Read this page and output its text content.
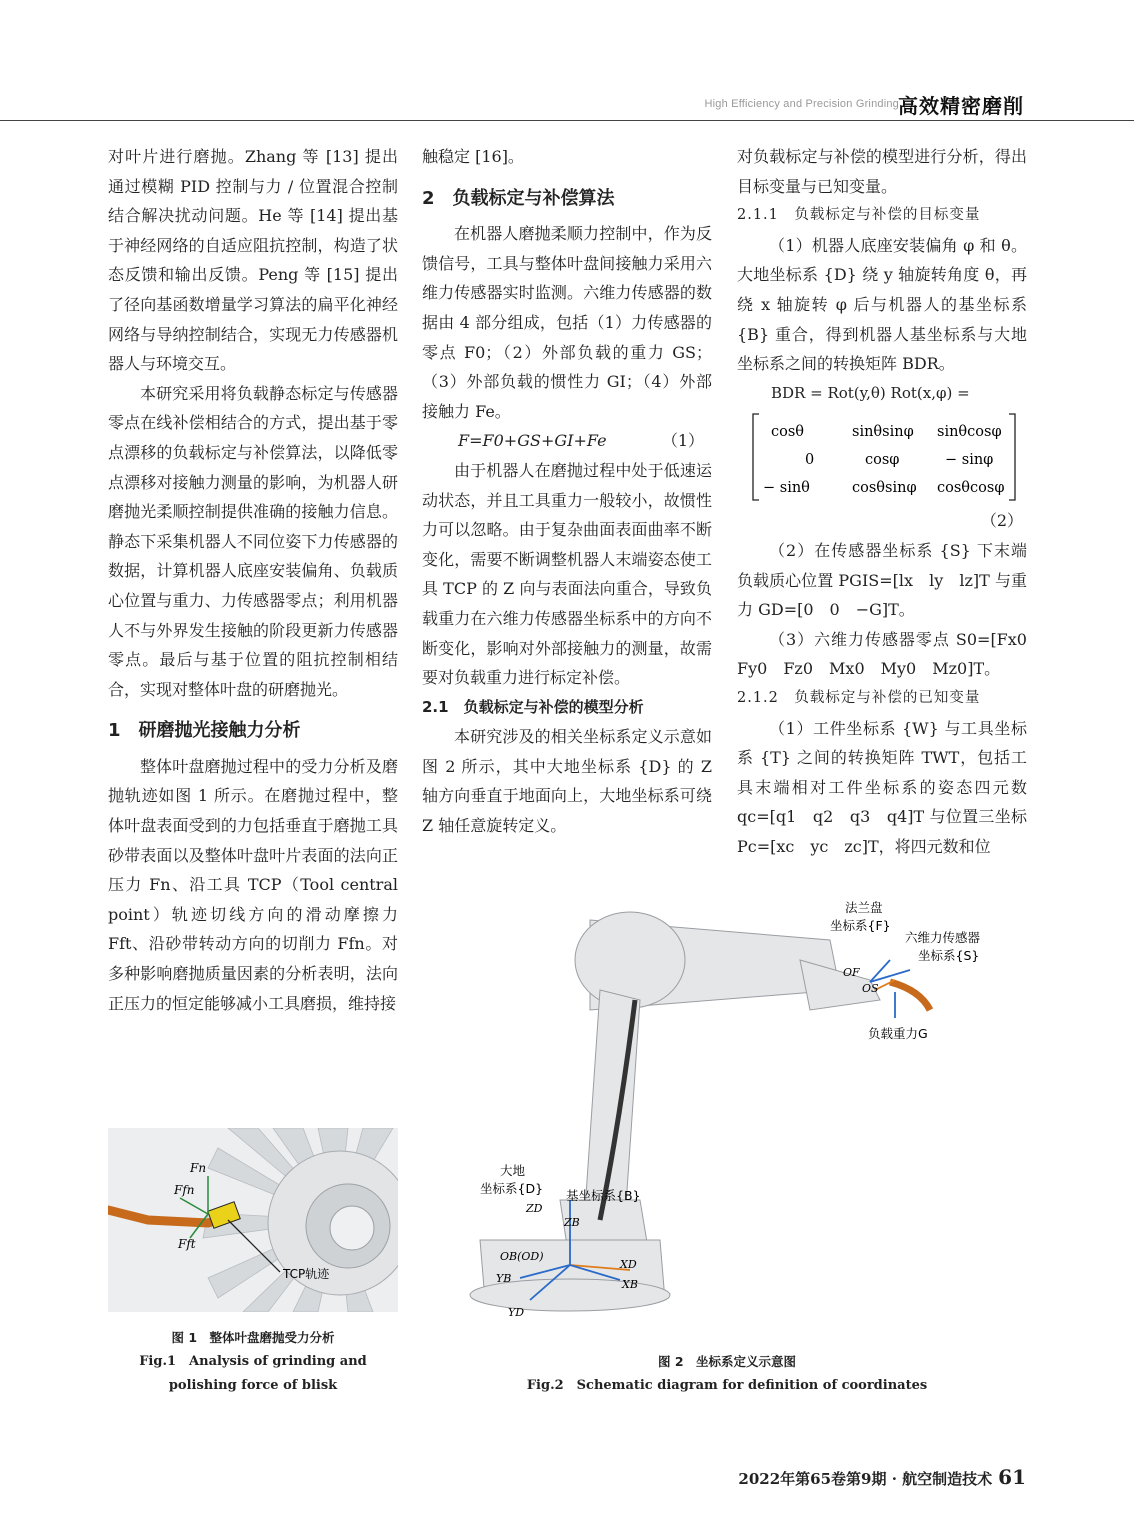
High Efficiency and Precision Grinding 高效精密磨削

对叶片进行磨抛。Zhang 等 [13] 提出通过模糊 PID 控制与力 / 位置混合控制结合解决扰动问题。He 等 [14] 提出基于神经网络的自适应阻抗控制，构造了状态反馈和输出反馈。Peng 等 [15] 提出了径向基函数增量学习算法的扁平化神经网络与导纳控制结合，实现无力传感器机器人与环境交互。

本研究采用将负载静态标定与传感器零点在线补偿相结合的方式，提出基于零点漂移的负载标定与补偿算法，以降低零点漂移对接触力测量的影响，为机器人研磨抛光柔顺控制提供准确的接触力信息。静态下采集机器人不同位姿下力传感器的数据，计算机器人底座安装偏角、负载质心位置与重力、力传感器零点；利用机器人不与外界发生接触的阶段更新力传感器零点。最后与基于位置的阻抗控制相结合，实现对整体叶盘的研磨抛光。

1　研磨抛光接触力分析

整体叶盘磨抛过程中的受力分析及磨抛轨迹如图 1 所示。在磨抛过程中，整体叶盘表面受到的力包括垂直于磨抛工具砂带表面以及整体叶盘叶片表面的法向正压力 Fn、沿工具 TCP（Tool central point）轨迹切线方向的滑动摩擦力 Fft、沿砂带转动方向的切削力 Ffn。对多种影响磨抛质量因素的分析表明，法向正压力的恒定能够减小工具磨损，维持接

触稳定 [16]。

2　负载标定与补偿算法

在机器人磨抛柔顺力控制中，作为反馈信号，工具与整体叶盘间接触力采用六维力传感器实时监测。六维力传感器的数据由 4 部分组成，包括（1）力传感器的零点 F0；（2）外部负载的重力 GS；（3）外部负载的惯性力 GI；（4）外部接触力 Fe。

F=F0+GS+GI+Fe	（1）

由于机器人在磨抛过程中处于低速运动状态，并且工具重力一般较小，故惯性力可以忽略。由于复杂曲面表面曲率不断变化，需要不断调整机器人末端姿态使工具 TCP 的 Z 向与表面法向重合，导致负载重力在六维力传感器坐标系中的方向不断变化，影响对外部接触力的测量，故需要对负载重力进行标定补偿。

2.1　负载标定与补偿的模型分析

本研究涉及的相关坐标系定义示意如图 2 所示，其中大地坐标系 {D} 的 Z 轴方向垂直于地面向上，大地坐标系可绕 Z 轴任意旋转定义。

对负载标定与补偿的模型进行分析，得出目标变量与已知变量。

2.1.1　负载标定与补偿的目标变量

（1）机器人底座安装偏角 φ 和 θ。大地坐标系 {D} 绕 y 轴旋转角度 θ，再绕 x 轴旋转 φ 后与机器人的基坐标系 {B} 重合，得到机器人基坐标系与大地坐标系之间的转换矩阵 BDR。

BDR = Rot(y,θ) Rot(x,φ) =
cosθ	sinθsinφ sinθcosφ
0	cosφ	− sinφ
− sinθ	cosθsinφ cosθcosφ
（2）

（2）在传感器坐标系 {S} 下末端负载质心位置 PGIS=[lx　ly　lz]T 与重力 GD=[0　0　−G]T。

（3）六维力传感器零点 S0=[Fx0　Fy0　Fz0　Mx0　My0　Mz0]T。

2.1.2　负载标定与补偿的已知变量

（1）工件坐标系 {W} 与工具坐标系 {T} 之间的转换矩阵 TWT，包括工具末端相对工件坐标系的姿态四元数 qc=[q1　q2　q3　q4]T 与位置三坐标 Pc=[xc　yc　zc]T，将四元数和位

Fn
Ffn
Fft
TCP轨迹
图 1　整体叶盘磨抛受力分析
Fig.1　Analysis of grinding and
polishing force of blisk
法兰盘
坐标系{F}
六维力传感器
坐标系{S}
OF
OS
负载重力G
大地
坐标系{D} 基坐标系{B}
ZD
ZB
OB(OD)
XD
XB
YB
YD
图 2　坐标系定义示意图
Fig.2　Schematic diagram for definition of coordinates
2022年第65卷第9期 · 航空制造技术 61
